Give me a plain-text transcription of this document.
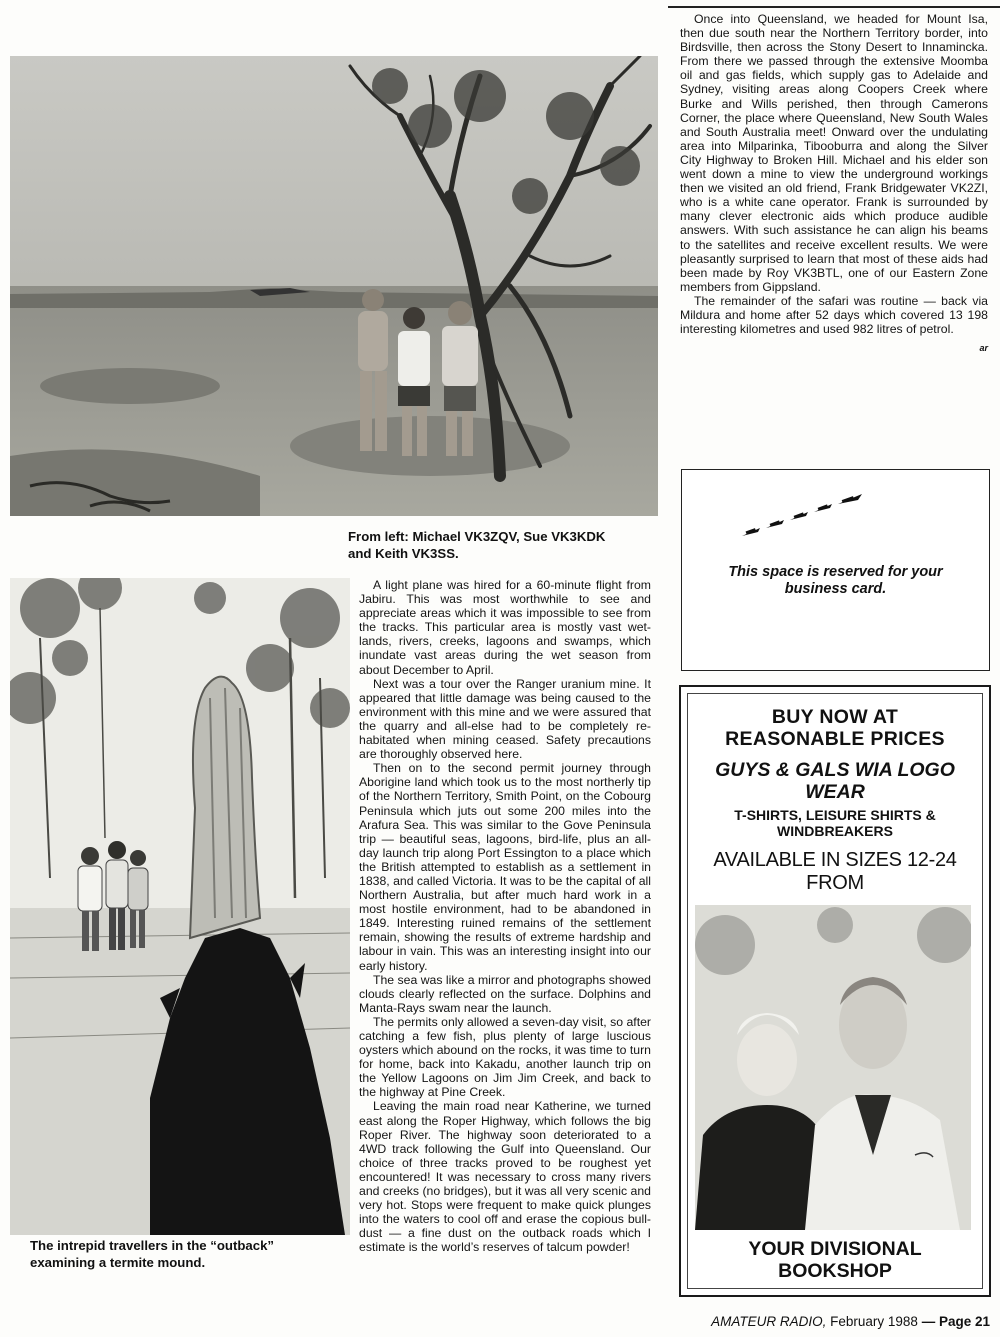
From left: Michael VK3ZQV, Sue VK3KDK
and Keith VK3SS.
The intrepid travellers in the “outback”
examining a termite mound.

A light plane was hired for a 60-minute flight from Jabiru. This was most worthwhile to see and appreciate areas which it was impossible to see from the tracks. This particular area is mostly vast wet-lands, rivers, creeks, lagoons and swamps, which inundate vast areas during the wet season from about December to April.

Next was a tour over the Ranger uranium mine. It appeared that little damage was being caused to the environment with this mine and we were assured that the quarry and all-else had to be completely re-habitated when mining ceased. Safety precautions are thoroughly observed here.

Then on to the second permit journey through Aborigine land which took us to the most northerly tip of the Northern Territory, Smith Point, on the Cobourg Peninsula which juts out some 200 miles into the Arafura Sea. This was similar to the Gove Peninsula trip — beautiful seas, lagoons, bird-life, plus an all-day launch trip along Port Essington to a place which the British attempted to establish as a settlement in 1838, and called Victoria. It was to be the capital of all Northern Australia, but after much hard work in a most hostile environment, had to be abandoned in 1849. Interesting ruined remains of the settlement remain, showing the results of extreme hardship and labour in vain. This was an interesting insight into our early history.

The sea was like a mirror and photographs showed clouds clearly reflected on the surface. Dolphins and Manta-Rays swam near the launch.

The permits only allowed a seven-day visit, so after catching a few fish, plus plenty of large luscious oysters which abound on the rocks, it was time to turn for home, back into Kakadu, another launch trip on the Yellow Lagoons on Jim Jim Creek, and back to the highway at Pine Creek.

Leaving the main road near Katherine, we turned east along the Roper Highway, which follows the big Roper River. The highway soon deteriorated to a 4WD track following the Gulf into Queensland. Our choice of three tracks proved to be roughest yet encountered! It was necessary to cross many rivers and creeks (no bridges), but it was all very scenic and very hot. Stops were frequent to make quick plunges into the waters to cool off and erase the copious bull-dust — a fine dust on the outback roads which I estimate is the world’s reserves of talcum powder!

Once into Queensland, we headed for Mount Isa, then due south near the Northern Territory border, into Birdsville, then across the Stony Desert to Innamincka. From there we passed through the extensive Moomba oil and gas fields, which supply gas to Adelaide and Sydney, visiting areas along Coopers Creek where Burke and Wills perished, then through Camerons Corner, the place where Queensland, New South Wales and South Australia meet! Onward over the undulating area into Milparinka, Tibooburra and along the Silver City Highway to Broken Hill. Michael and his elder son went down a mine to view the underground workings then we visited an old friend, Frank Bridgewater VK2ZI, who is a white cane operator. Frank is surrounded by many clever electronic aids which produce audible answers. With such assistance he can align his beams to the satellites and receive excellent results. We were pleasantly surprised to learn that most of these aids had been made by Roy VK3BTL, one of our Eastern Zone members from Gippsland.

The remainder of the safari was routine — back via Mildura and home after 52 days which covered 13 198 interesting kilometres and used 982 litres of petrol.

ar
This space is reserved for your
business card.
BUY NOW AT
REASONABLE PRICES
GUYS & GALS WIA LOGO
WEAR
T-SHIRTS, LEISURE SHIRTS &
WINDBREAKERS
AVAILABLE IN SIZES 12-24
FROM
YOUR DIVISIONAL
BOOKSHOP
AMATEUR RADIO, February 1988 — Page 21
